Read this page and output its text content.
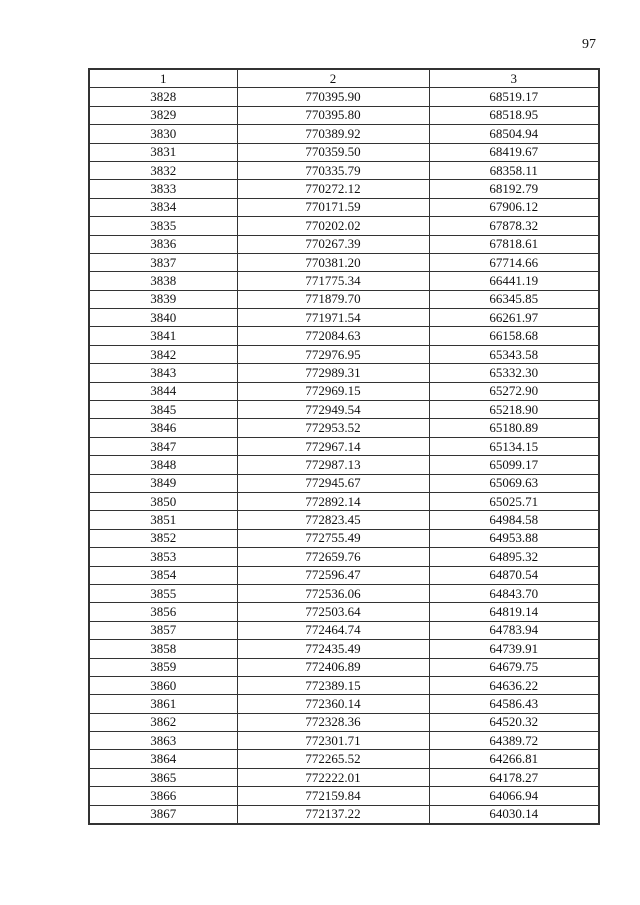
97
1	2	3
3828	770395.90	68519.17
3829	770395.80	68518.95
3830	770389.92	68504.94
3831	770359.50	68419.67
3832	770335.79	68358.11
3833	770272.12	68192.79
3834	770171.59	67906.12
3835	770202.02	67878.32
3836	770267.39	67818.61
3837	770381.20	67714.66
3838	771775.34	66441.19
3839	771879.70	66345.85
3840	771971.54	66261.97
3841	772084.63	66158.68
3842	772976.95	65343.58
3843	772989.31	65332.30
3844	772969.15	65272.90
3845	772949.54	65218.90
3846	772953.52	65180.89
3847	772967.14	65134.15
3848	772987.13	65099.17
3849	772945.67	65069.63
3850	772892.14	65025.71
3851	772823.45	64984.58
3852	772755.49	64953.88
3853	772659.76	64895.32
3854	772596.47	64870.54
3855	772536.06	64843.70
3856	772503.64	64819.14
3857	772464.74	64783.94
3858	772435.49	64739.91
3859	772406.89	64679.75
3860	772389.15	64636.22
3861	772360.14	64586.43
3862	772328.36	64520.32
3863	772301.71	64389.72
3864	772265.52	64266.81
3865	772222.01	64178.27
3866	772159.84	64066.94
3867	772137.22	64030.14
